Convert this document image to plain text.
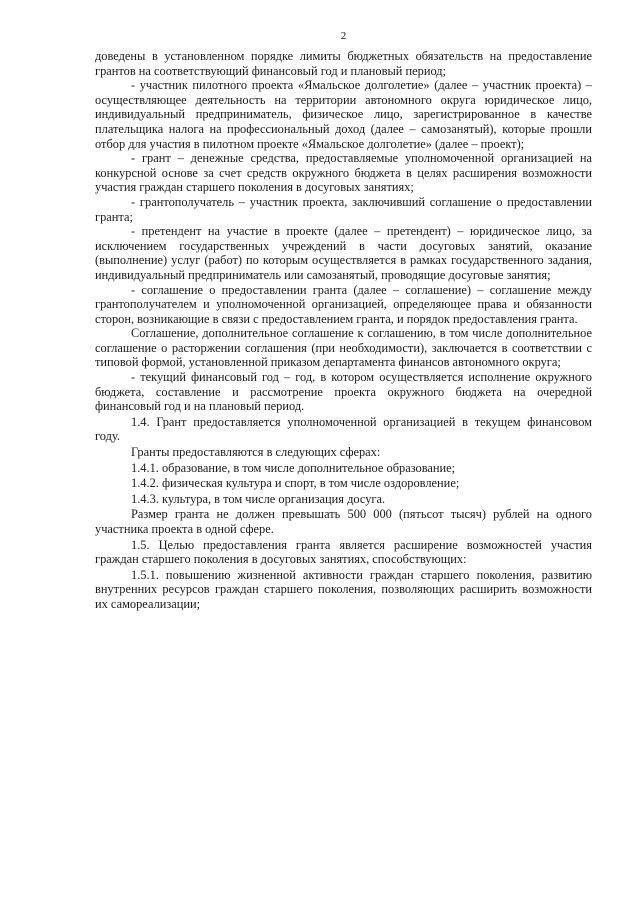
2

доведены в установленном порядке лимиты бюджетных обязательств на предоставление грантов на соответствующий финансовый год и плановый период;

- участник пилотного проекта «Ямальское долголетие» (далее – участник проекта) – осуществляющее деятельность на территории автономного округа юридическое лицо, индивидуальный предприниматель, физическое лицо, зарегистрированное в качестве плательщика налога на профессиональный доход (далее – самозанятый), которые прошли отбор для участия в пилотном проекте «Ямальское долголетие» (далее – проект);

- грант – денежные средства, предоставляемые уполномоченной организацией на конкурсной основе за счет средств окружного бюджета в целях расширения возможности участия граждан старшего поколения в досуговых занятиях;

- грантополучатель – участник проекта, заключивший соглашение о предоставлении гранта;

- претендент на участие в проекте (далее – претендент) – юридическое лицо, за исключением государственных учреждений в части досуговых занятий, оказание (выполнение) услуг (работ) по которым осуществляется в рамках государственного задания, индивидуальный предприниматель или самозанятый, проводящие досуговые занятия;

- соглашение о предоставлении гранта (далее – соглашение) – соглашение между грантополучателем и уполномоченной организацией, определяющее права и обязанности сторон, возникающие в связи с предоставлением гранта, и порядок предоставления гранта.

Соглашение, дополнительное соглашение к соглашению, в том числе дополнительное соглашение о расторжении соглашения (при необходимости), заключается в соответствии с типовой формой, установленной приказом департамента финансов автономного округа;

- текущий финансовый год – год, в котором осуществляется исполнение окружного бюджета, составление и рассмотрение проекта окружного бюджета на очередной финансовый год и на плановый период.

1.4. Грант предоставляется уполномоченной организацией в текущем финансовом году.

Гранты предоставляются в следующих сферах:

1.4.1. образование, в том числе дополнительное образование;

1.4.2. физическая культура и спорт, в том числе оздоровление;

1.4.3. культура, в том числе организация досуга.

Размер гранта не должен превышать 500 000 (пятьсот тысяч) рублей на одного участника проекта в одной сфере.

1.5. Целью предоставления гранта является расширение возможностей участия граждан старшего поколения в досуговых занятиях, способствующих:

1.5.1. повышению жизненной активности граждан старшего поколения, развитию внутренних ресурсов граждан старшего поколения, позволяющих расширить возможности их самореализации;
